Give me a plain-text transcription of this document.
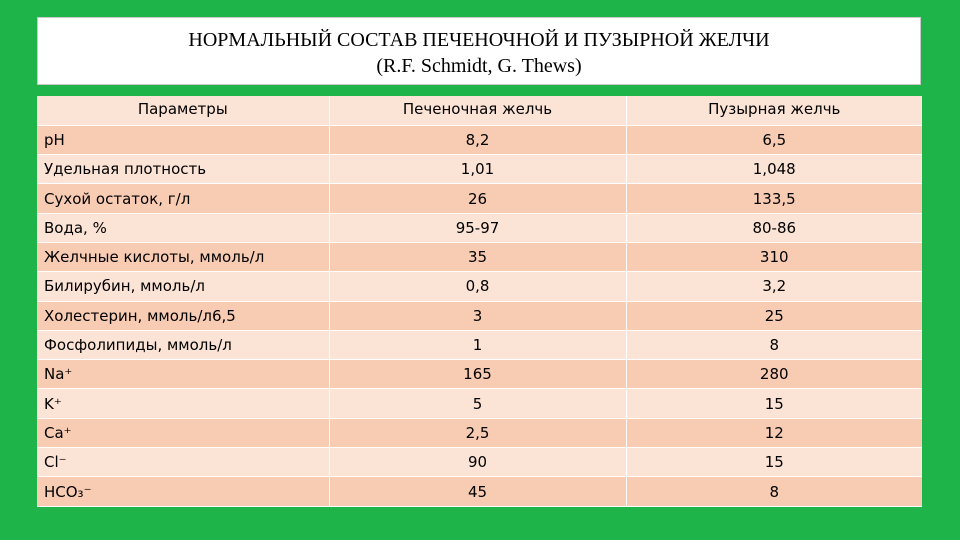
НОРМАЛЬНЫЙ СОСТАВ ПЕЧЕНОЧНОЙ И ПУЗЫРНОЙ ЖЕЛЧИ
(R.F. Schmidt, G. Thews)
Параметры	Печеночная желчь	Пузырная желчь
pH	8,2	6,5
Удельная плотность	1,01	1,048
Сухой остаток, г/л	26	133,5
Вода, %	95-97	80-86
Желчные кислоты, ммоль/л	35	310
Билирубин, ммоль/л	0,8	3,2
Холестерин, ммоль/л6,5	3	25
Фосфолипиды, ммоль/л	1	8
Na⁺	165	280
K⁺	5	15
Ca⁺	2,5	12
Cl⁻	90	15
HCO₃⁻	45	8
